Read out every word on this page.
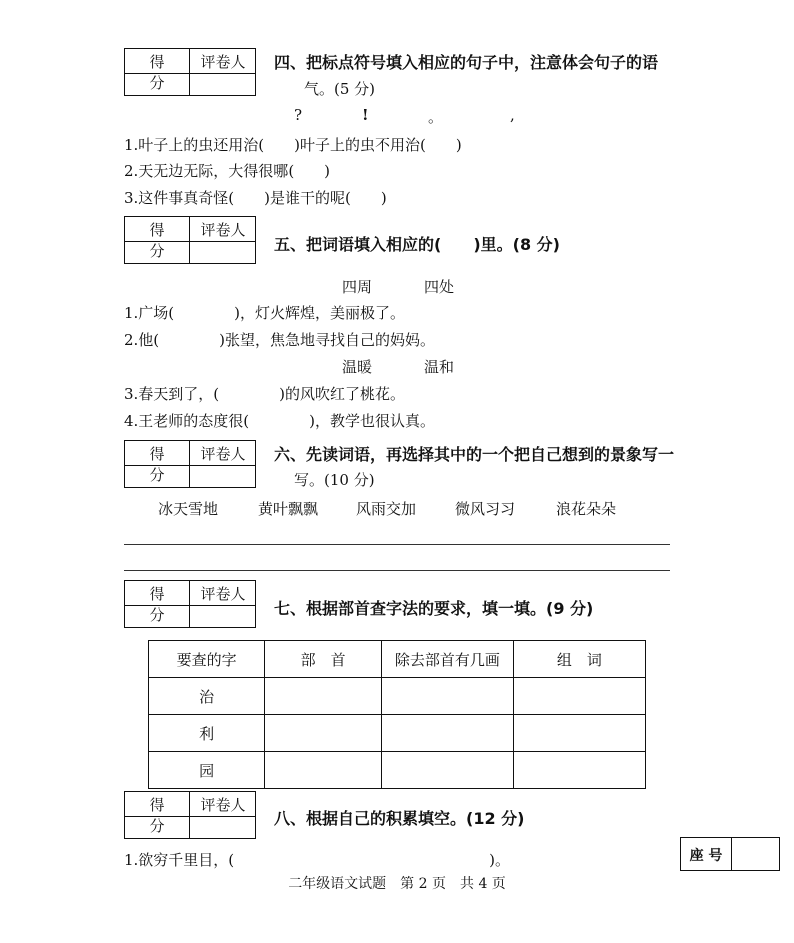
得 分
评卷人	四、把标点符号填入相应的句子中，注意体会句子的语
气。(5 分)
?	!	。	,
1.叶子上的虫还用治(　　)叶子上的虫不用治(　　)
2.天无边无际，大得很哪(　　)
3.这件事真奇怪(　　)是谁干的呢(　　)
得 分
评卷人
五、把词语填入相应的(　　)里。(8 分)
四周	四处
1.广场(　　　　)，灯火辉煌，美丽极了。
2.他(　　　　)张望，焦急地寻找自己的妈妈。
温暖	温和
3.春天到了，(　　　　)的风吹红了桃花。
4.王老师的态度很(　　　　)，教学也很认真。
得 分
评卷人	六、先读词语，再选择其中的一个把自己想到的景象写一
写。(10 分)
冰天雪地	黄叶飘飘	风雨交加	微风习习	浪花朵朵
得 分
评卷人
七、根据部首查字法的要求，填一填。(9 分)
要查的字	部　首	除去部首有几画	组　词
治			
利			
园			
得 分
评卷人
八、根据自己的积累填空。(12 分)
1.欲穷千里目，(　　　　　　　　　　　　　　　　　)。	座 号
二年级语文试题　第 2 页　共 4 页
